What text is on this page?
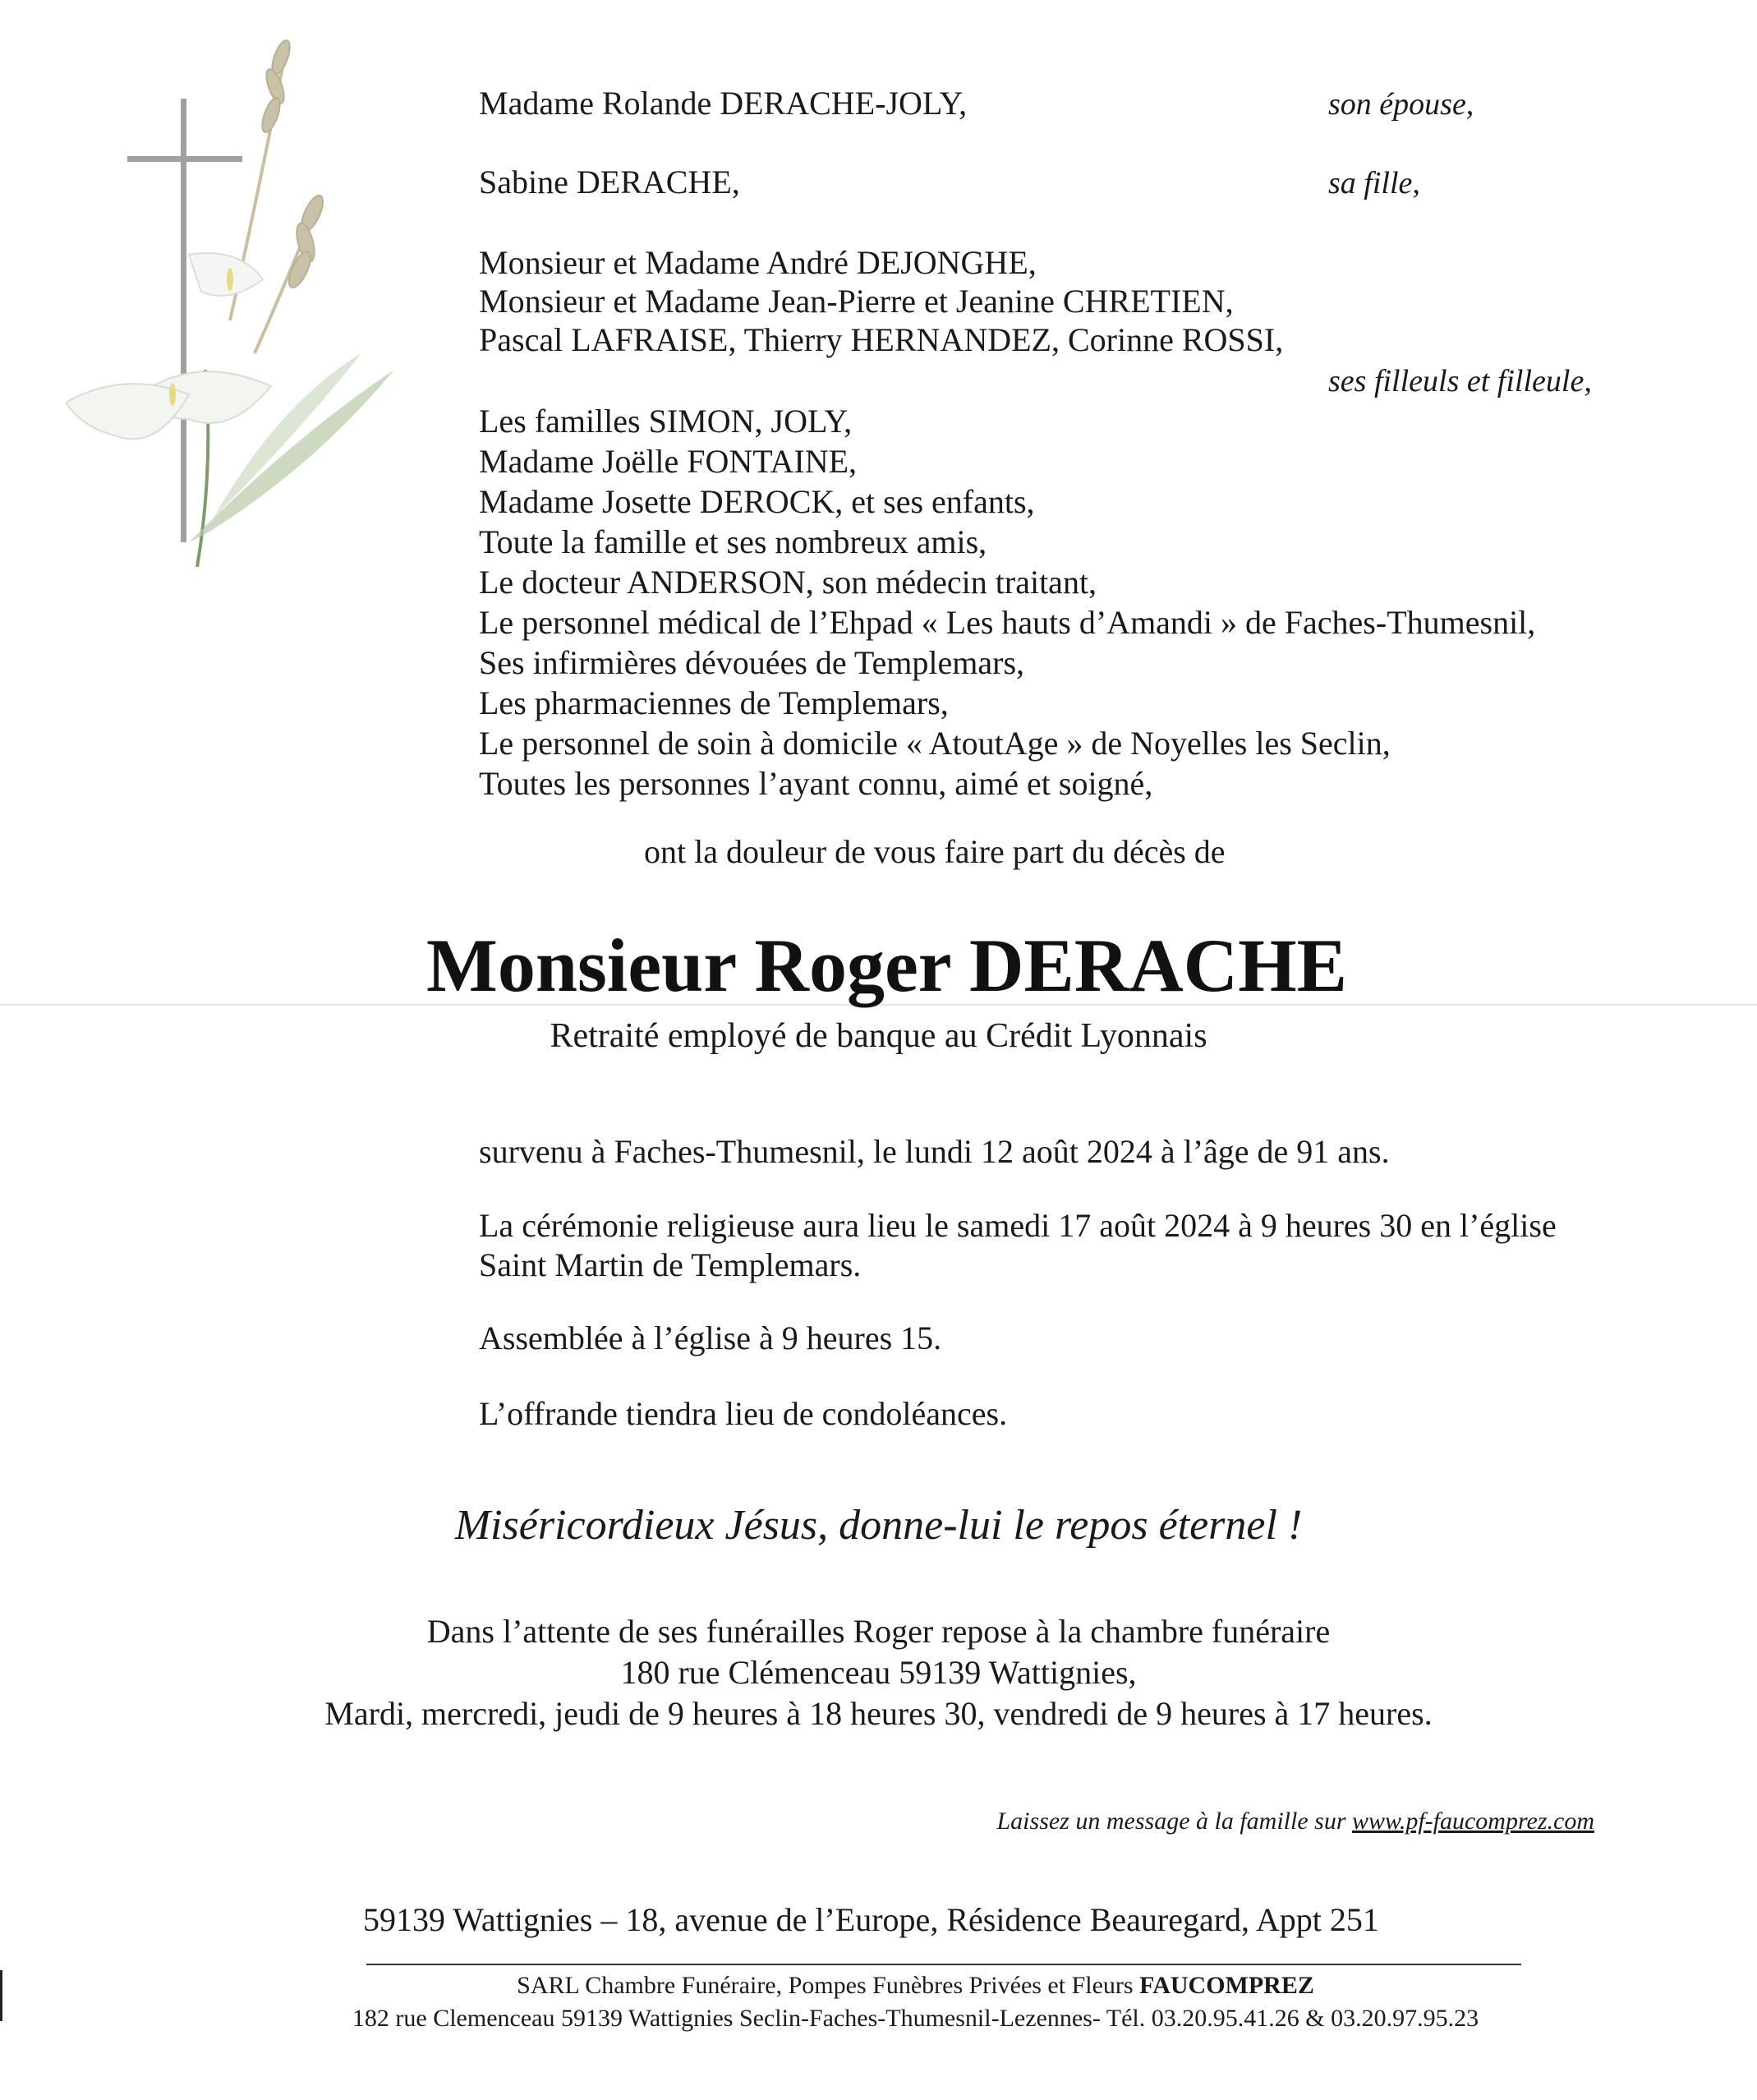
Madame Rolande DERACHE-JOLY,	son épouse,
Sabine DERACHE,	sa fille,
Monsieur et Madame André DEJONGHE,
Monsieur et Madame Jean-Pierre et Jeanine CHRETIEN,
Pascal LAFRAISE, Thierry HERNANDEZ, Corinne ROSSI,
ses filleuls et filleule,
Les familles SIMON, JOLY,
Madame Joëlle FONTAINE,
Madame Josette DEROCK, et ses enfants,
Toute la famille et ses nombreux amis,
Le docteur ANDERSON, son médecin traitant,
Le personnel médical de l’Ehpad « Les hauts d’Amandi » de Faches-Thumesnil,
Ses infirmières dévouées de Templemars,
Les pharmaciennes de Templemars,
Le personnel de soin à domicile « AtoutAge » de Noyelles les Seclin,
Toutes les personnes l’ayant connu, aimé et soigné,
ont la douleur de vous faire part du décès de
Monsieur Roger DERACHE
Retraité employé de banque au Crédit Lyonnais
survenu à Faches-Thumesnil, le lundi 12 août 2024 à l’âge de 91 ans.
La cérémonie religieuse aura lieu le samedi 17 août 2024 à 9 heures 30 en l’église
Saint Martin de Templemars.
Assemblée à l’église à 9 heures 15.
L’offrande tiendra lieu de condoléances.
Miséricordieux Jésus, donne-lui le repos éternel !
Dans l’attente de ses funérailles Roger repose à la chambre funéraire
180 rue Clémenceau 59139 Wattignies,
Mardi, mercredi, jeudi de 9 heures à 18 heures 30, vendredi de 9 heures à 17 heures.
Laissez un message à la famille sur www.pf-faucomprez.com
59139 Wattignies – 18, avenue de l’Europe, Résidence Beauregard, Appt 251
SARL Chambre Funéraire, Pompes Funèbres Privées et Fleurs FAUCOMPREZ
182 rue Clemenceau 59139 Wattignies Seclin-Faches-Thumesnil-Lezennes- Tél. 03.20.95.41.26 & 03.20.97.95.23
